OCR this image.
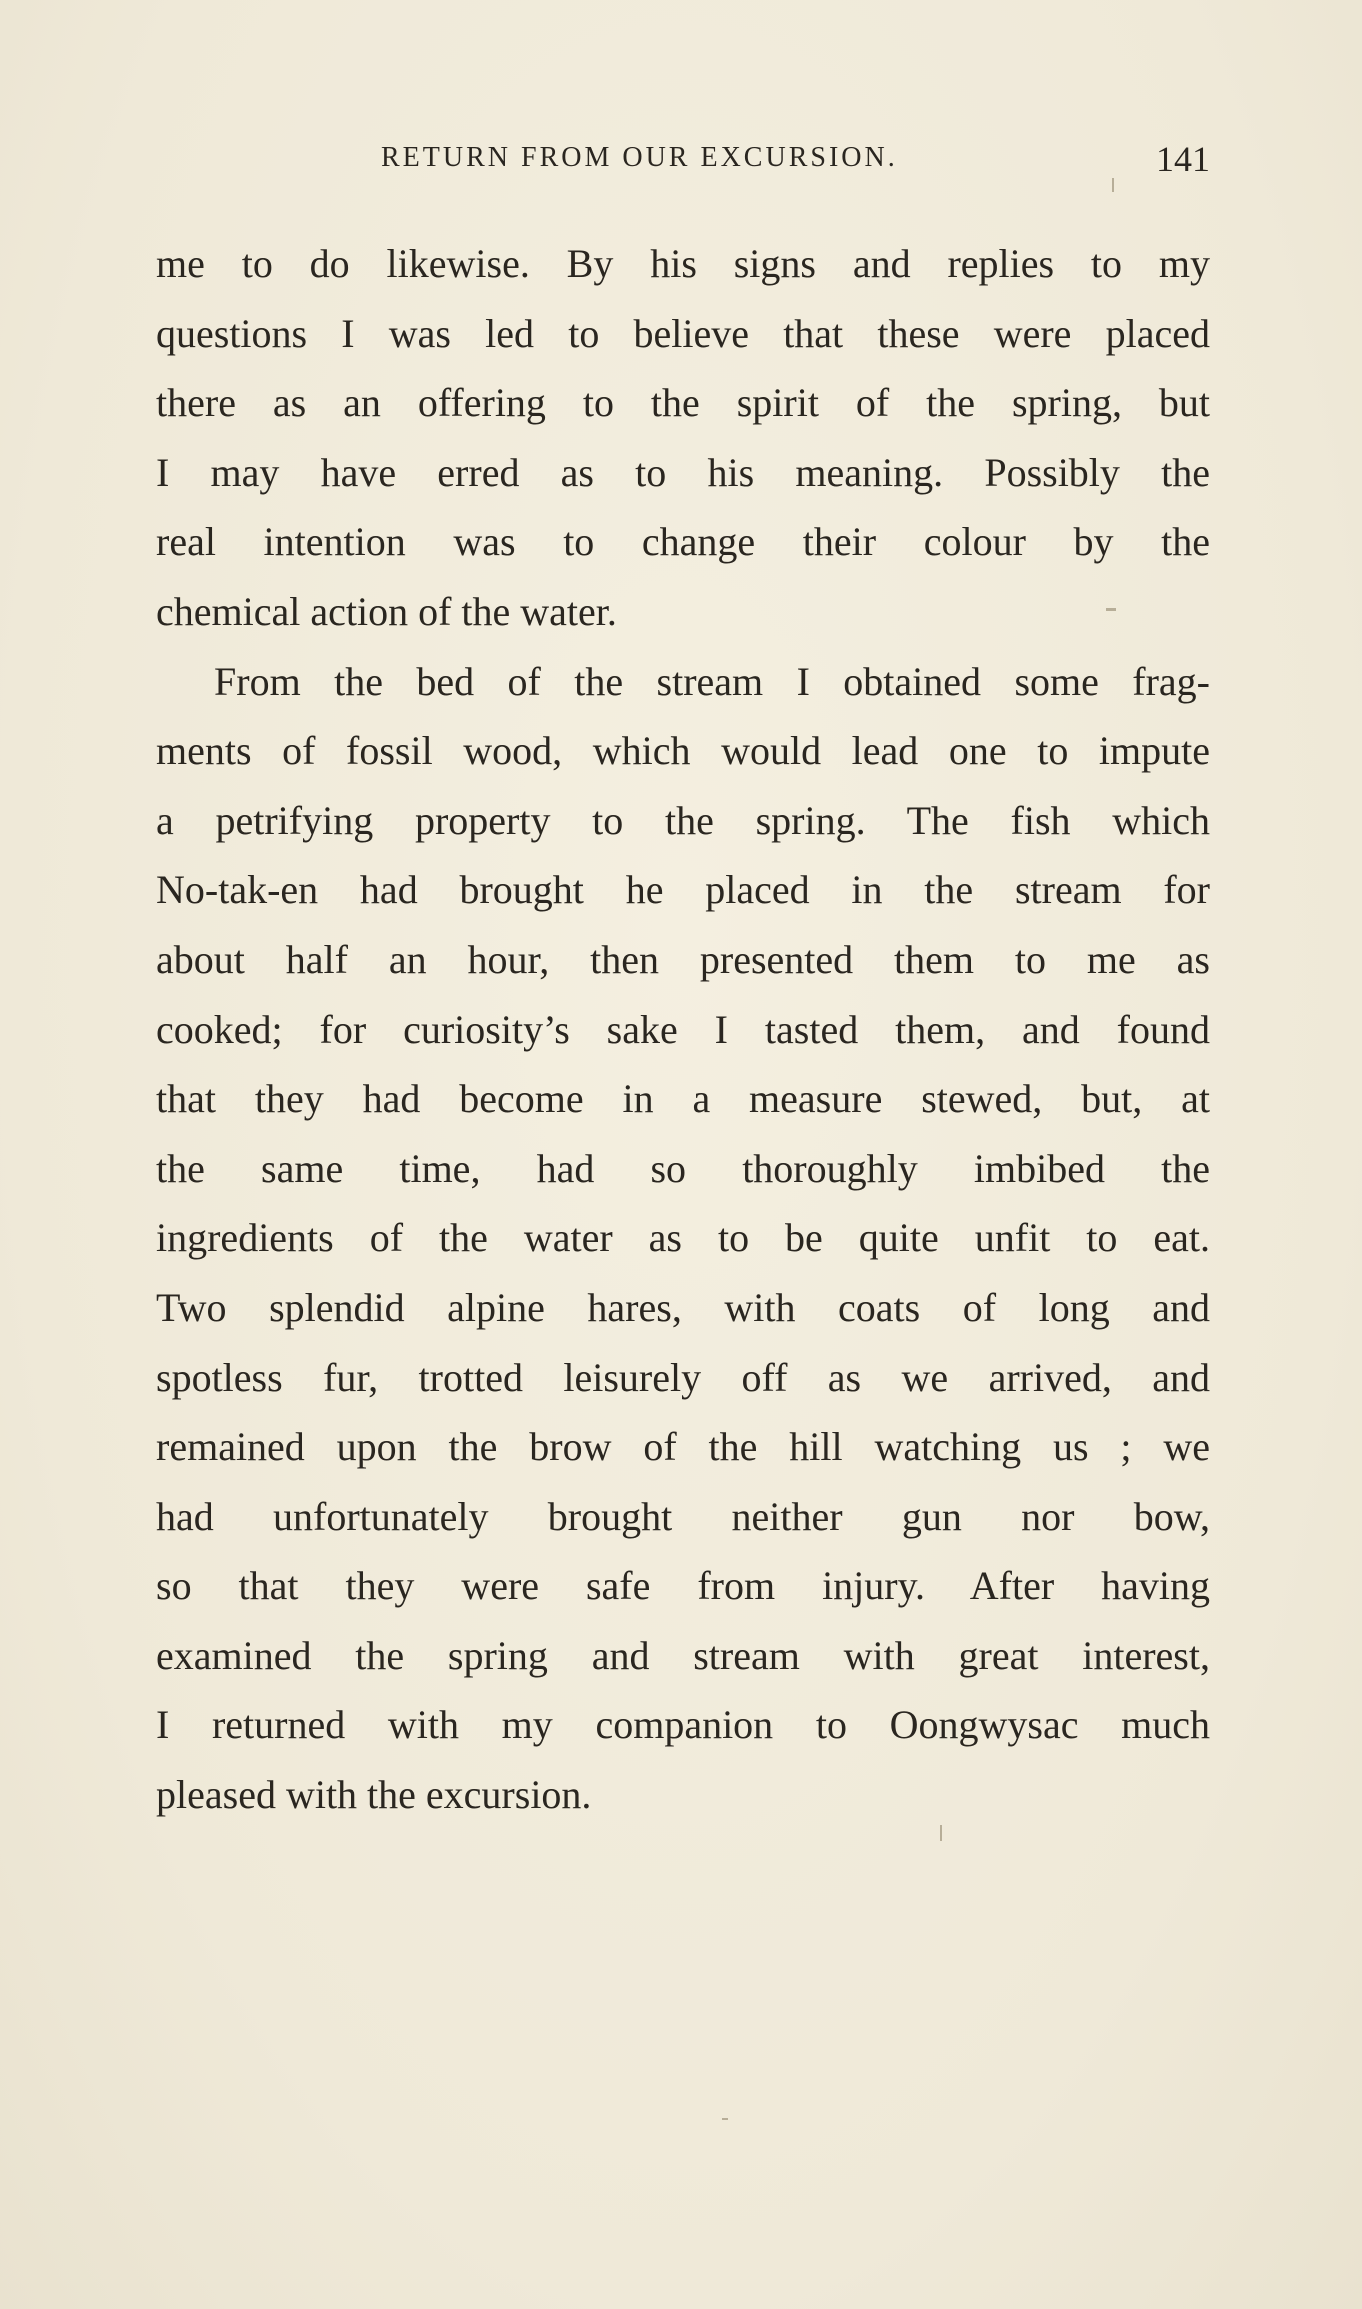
RETURN FROM OUR EXCURSION.	141
me to do likewise. By his signs and replies to my
questions I was led to believe that these were placed
there as an offering to the spirit of the spring, but
I may have erred as to his meaning. Possibly the
real intention was to change their colour by the
chemical action of the water.
From the bed of the stream I obtained some frag-
ments of fossil wood, which would lead one to impute
a petrifying property to the spring. The fish which
No-tak-en had brought he placed in the stream for
about half an hour, then presented them to me as
cooked; for curiosity’s sake I tasted them, and found
that they had become in a measure stewed, but, at
the same time, had so thoroughly imbibed the
ingredients of the water as to be quite unfit to eat.
Two splendid alpine hares, with coats of long and
spotless fur, trotted leisurely off as we arrived, and
remained upon the brow of the hill watching us ; we
had unfortunately brought neither gun nor bow,
so that they were safe from injury. After having
examined the spring and stream with great interest,
I returned with my companion to Oongwysac much
pleased with the excursion.
